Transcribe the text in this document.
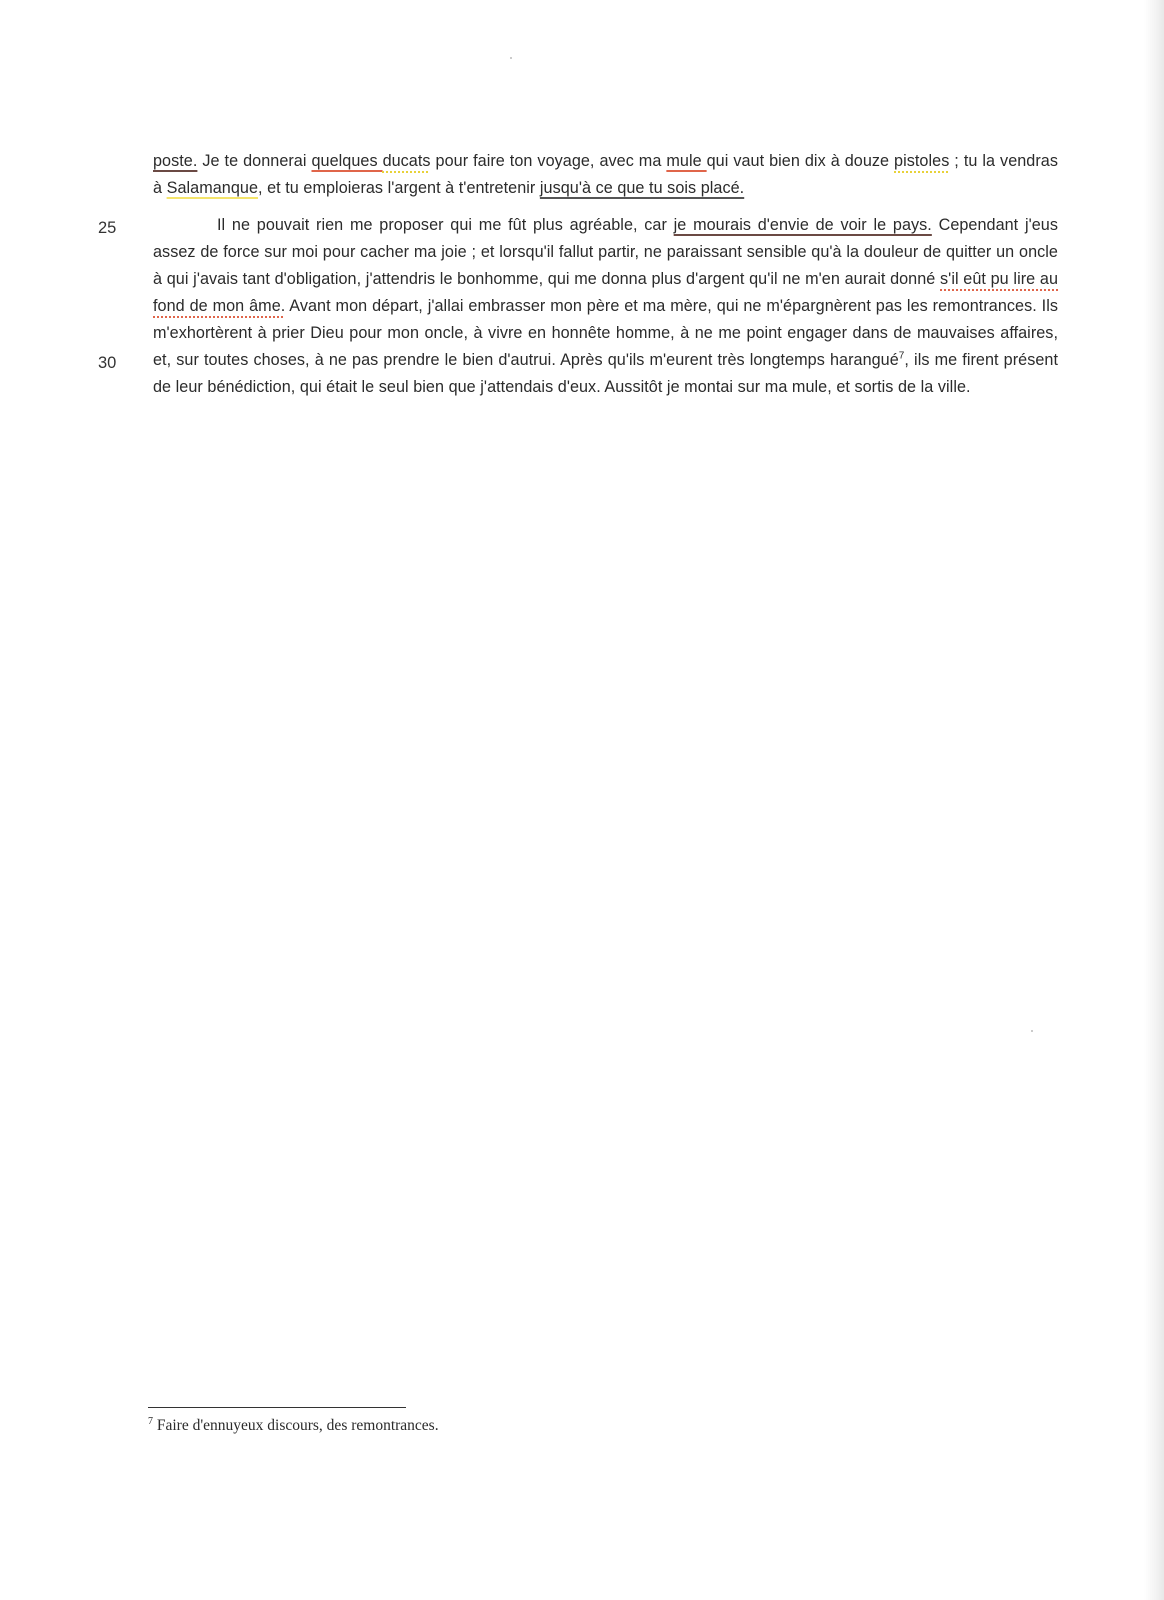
25
30

poste. Je te donnerai quelques ducats pour faire ton voyage, avec ma mule qui vaut bien dix à douze pistoles ; tu la vendras à Salamanque, et tu emploieras l'argent à t'entretenir jusqu'à ce que tu sois placé.

Il ne pouvait rien me proposer qui me fût plus agréable, car je mourais d'envie de voir le pays. Cependant j'eus assez de force sur moi pour cacher ma joie ; et lorsqu'il fallut partir, ne paraissant sensible qu'à la douleur de quitter un oncle à qui j'avais tant d'obligation, j'attendris le bonhomme, qui me donna plus d'argent qu'il ne m'en aurait donné s'il eût pu lire au fond de mon âme. Avant mon départ, j'allai embrasser mon père et ma mère, qui ne m'épargnèrent pas les remontrances. Ils m'exhortèrent à prier Dieu pour mon oncle, à vivre en honnête homme, à ne me point engager dans de mauvaises affaires, et, sur toutes choses, à ne pas prendre le bien d'autrui. Après qu'ils m'eurent très longtemps harangué$^7$, ils me firent présent de leur bénédiction, qui était le seul bien que j'attendais d'eux. Aussitôt je montai sur ma mule, et sortis de la ville.

$^7$ Faire d'ennuyeux discours, des remontrances.
